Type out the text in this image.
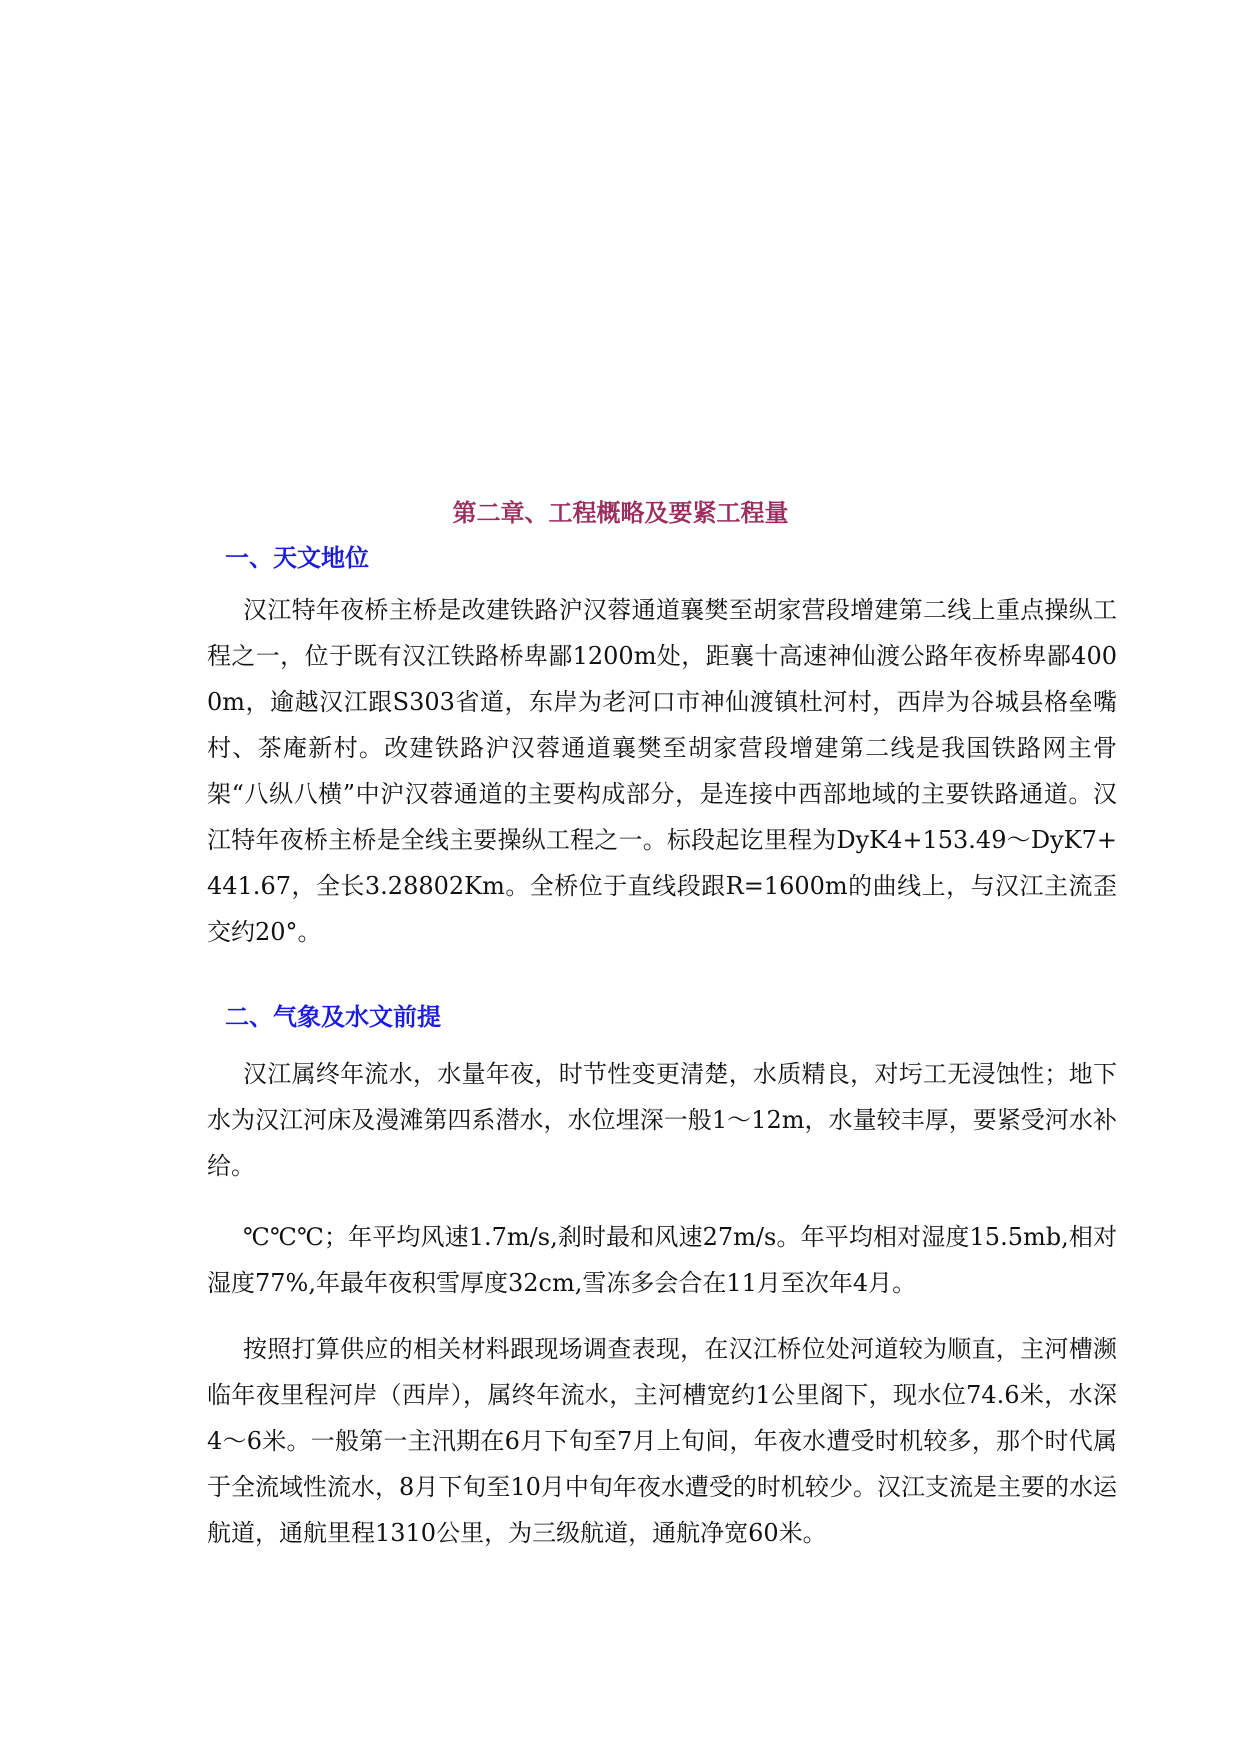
第二章、工程概略及要紧工程量
一、天文地位

汉江特年夜桥主桥是改建铁路沪汉蓉通道襄樊至胡家营段增建第二线上重点操纵工程之一，位于既有汉江铁路桥卑鄙1200m处，距襄十高速神仙渡公路年夜桥卑鄙4000m，逾越汉江跟S303省道，东岸为老河口市神仙渡镇杜河村，西岸为谷城县格垒嘴村、茶庵新村。改建铁路沪汉蓉通道襄樊至胡家营段增建第二线是我国铁路网主骨架“八纵八横”中沪汉蓉通道的主要构成部分，是连接中西部地域的主要铁路通道。汉江特年夜桥主桥是全线主要操纵工程之一。标段起讫里程为DyK4+153.49～DyK7+441.67，全长3.28802Km。全桥位于直线段跟R=1600m的曲线上，与汉江主流歪交约20°。

二、气象及水文前提

汉江属终年流水，水量年夜，时节性变更清楚，水质精良，对圬工无浸蚀性；地下水为汉江河床及漫滩第四系潜水，水位埋深一般1～12m，水量较丰厚，要紧受河水补给。

℃℃℃；年平均风速1.7m/s,刹时最和风速27m/s。年平均相对湿度15.5mb,相对湿度77%,年最年夜积雪厚度32cm,雪冻多会合在11月至次年4月。

按照打算供应的相关材料跟现场调查表现，在汉江桥位处河道较为顺直，主河槽濒临年夜里程河岸（西岸），属终年流水，主河槽宽约1公里阁下，现水位74.6米，水深4～6米。一般第一主汛期在6月下旬至7月上旬间，年夜水遭受时机较多，那个时代属于全流域性流水，8月下旬至10月中旬年夜水遭受的时机较少。汉江支流是主要的水运航道，通航里程1310公里，为三级航道，通航净宽60米。
